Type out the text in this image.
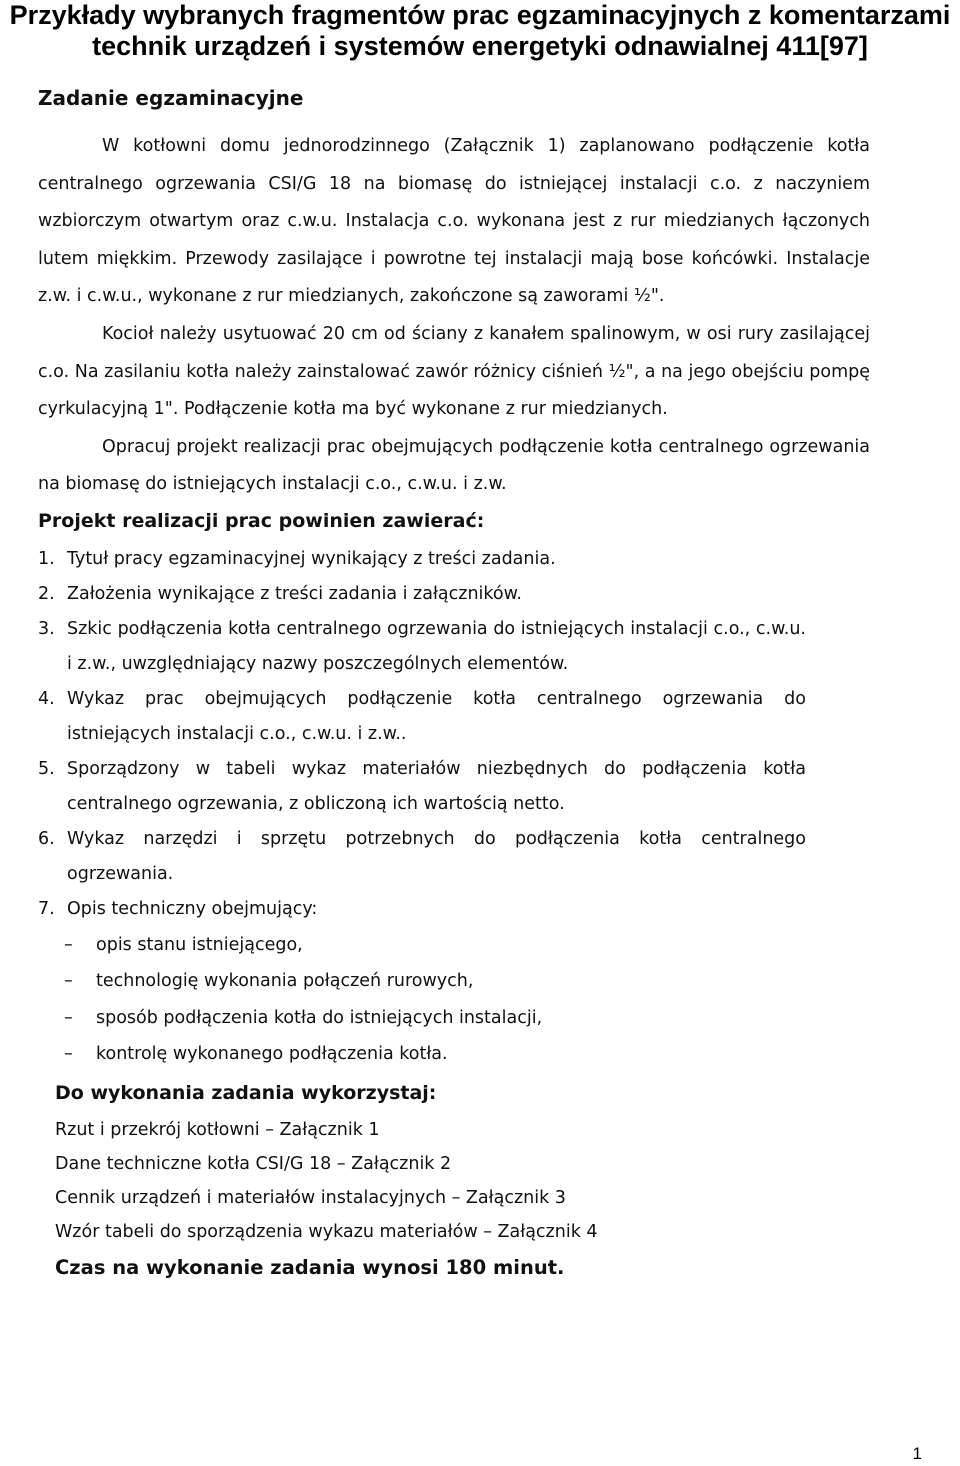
Przykłady wybranych fragmentów prac egzaminacyjnych z komentarzami
technik urządzeń i systemów energetyki odnawialnej 411[97]
Zadanie egzaminacyjne

W kotłowni domu jednorodzinnego (Załącznik 1) zaplanowano podłączenie kotła centralnego ogrzewania CSI/G 18 na biomasę do istniejącej instalacji c.o. z naczyniem wzbiorczym otwartym oraz c.w.u. Instalacja c.o. wykonana jest z rur miedzianych łączonych lutem miękkim. Przewody zasilające i powrotne tej instalacji mają bose końcówki. Instalacje z.w. i c.w.u., wykonane z rur miedzianych, zakończone są zaworami ½".

Kocioł należy usytuować 20 cm od ściany z kanałem spalinowym, w osi rury zasilającej c.o. Na zasilaniu kotła należy zainstalować zawór różnicy ciśnień ½", a na jego obejściu pompę cyrkulacyjną 1". Podłączenie kotła ma być wykonane z rur miedzianych.

Opracuj projekt realizacji prac obejmujących podłączenie kotła centralnego ogrzewania na biomasę do istniejących instalacji c.o., c.w.u. i z.w.

Projekt realizacji prac powinien zawierać:
1. Tytuł pracy egzaminacyjnej wynikający z treści zadania.
2. Założenia wynikające z treści zadania i załączników.
3. Szkic podłączenia kotła centralnego ogrzewania do istniejących instalacji c.o., c.w.u. i z.w., uwzględniający nazwy poszczególnych elementów.
4. Wykaz prac obejmujących podłączenie kotła centralnego ogrzewania do istniejących instalacji c.o., c.w.u. i z.w..
5. Sporządzony w tabeli wykaz materiałów niezbędnych do podłączenia kotła centralnego ogrzewania, z obliczoną ich wartością netto.
6. Wykaz narzędzi i sprzętu potrzebnych do podłączenia kotła centralnego ogrzewania.
7. Opis techniczny obejmujący:
– opis stanu istniejącego,
– technologię wykonania połączeń rurowych,
– sposób podłączenia kotła do istniejących instalacji,
– kontrolę wykonanego podłączenia kotła.
Do wykonania zadania wykorzystaj:

Rzut i przekrój kotłowni – Załącznik 1

Dane techniczne kotła CSI/G 18 – Załącznik 2

Cennik urządzeń i materiałów instalacyjnych – Załącznik 3

Wzór tabeli do sporządzenia wykazu materiałów – Załącznik 4

Czas na wykonanie zadania wynosi 180 minut.

1
